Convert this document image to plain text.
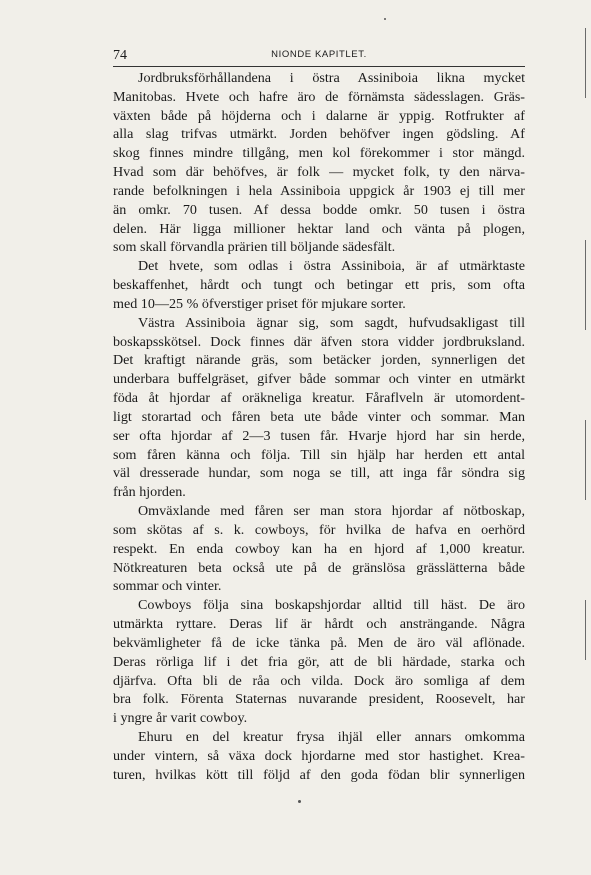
74	NIONDE KAPITLET.
Jordbruksförhållandena i östra Assiniboia likna mycket
Manitobas. Hvete och hafre äro de förnämsta sädesslagen. Gräs-
växten både på höjderna och i dalarne är yppig. Rotfrukter af
alla slag trifvas utmärkt. Jorden behöfver ingen gödsling. Af
skog finnes mindre tillgång, men kol förekommer i stor mängd.
Hvad som där behöfves, är folk — mycket folk, ty den närva-
rande befolkningen i hela Assiniboia uppgick år 1903 ej till mer
än omkr. 70 tusen. Af dessa bodde omkr. 50 tusen i östra
delen. Här ligga millioner hektar land och vänta på plogen,
som skall förvandla prärien till böljande sädesfält.
Det hvete, som odlas i östra Assiniboia, är af utmärktaste
beskaffenhet, hårdt och tungt och betingar ett pris, som ofta
med 10—25 % öfverstiger priset för mjukare sorter.
Västra Assiniboia ägnar sig, som sagdt, hufvudsakligast till
boskapsskötsel. Dock finnes där äfven stora vidder jordbruksland.
Det kraftigt närande gräs, som betäcker jorden, synnerligen det
underbara buffelgräset, gifver både sommar och vinter en utmärkt
föda åt hjordar af oräkneliga kreatur. Fåraflveln är utomordent-
ligt storartad och fåren beta ute både vinter och sommar. Man
ser ofta hjordar af 2—3 tusen får. Hvarje hjord har sin herde,
som fåren känna och följa. Till sin hjälp har herden ett antal
väl dresserade hundar, som noga se till, att inga får söndra sig
från hjorden.
Omväxlande med fåren ser man stora hjordar af nötboskap,
som skötas af s. k. cowboys, för hvilka de hafva en oerhörd
respekt. En enda cowboy kan ha en hjord af 1,000 kreatur.
Nötkreaturen beta också ute på de gränslösa grässlätterna både
sommar och vinter.
Cowboys följa sina boskapshjordar alltid till häst. De äro
utmärkta ryttare. Deras lif är hårdt och ansträngande. Några
bekvämligheter få de icke tänka på. Men de äro väl aflönade.
Deras rörliga lif i det fria gör, att de bli härdade, starka och
djärfva. Ofta bli de råa och vilda. Dock äro somliga af dem
bra folk. Förenta Staternas nuvarande president, Roosevelt, har
i yngre år varit cowboy.
Ehuru en del kreatur frysa ihjäl eller annars omkomma
under vintern, så växa dock hjordarne med stor hastighet. Krea-
turen, hvilkas kött till följd af den goda födan blir synnerligen
